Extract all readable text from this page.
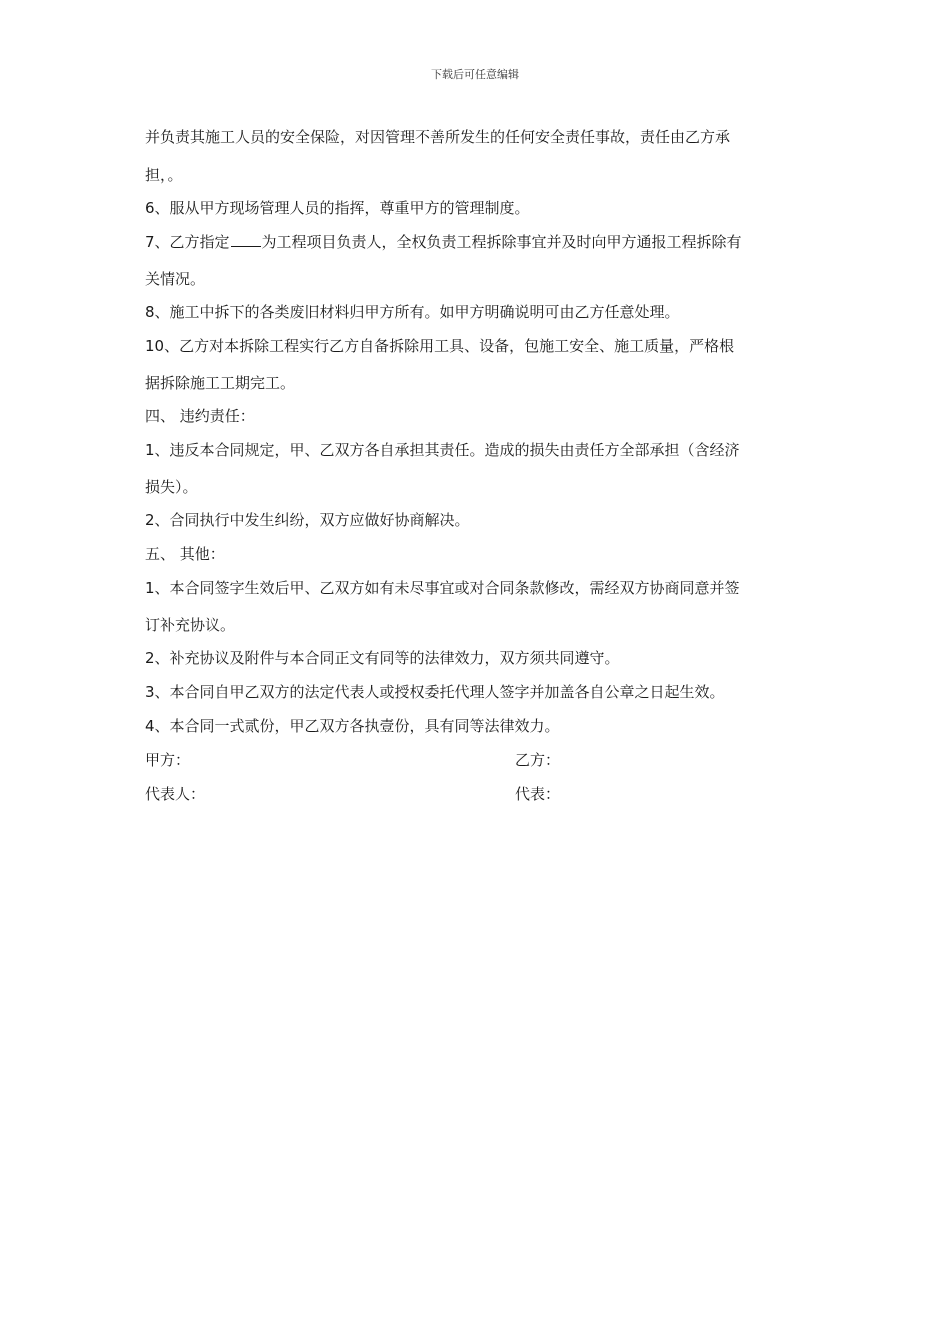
下载后可任意编辑
并负责其施工人员的安全保险，对因管理不善所发生的任何安全责任事故，责任由乙方承
担，。
6、服从甲方现场管理人员的指挥，尊重甲方的管理制度。
7、乙方指定 为工程项目负责人，全权负责工程拆除事宜并及时向甲方通报工程拆除有
关情况。
8、施工中拆下的各类废旧材料归甲方所有。如甲方明确说明可由乙方任意处理。
10、乙方对本拆除工程实行乙方自备拆除用工具、设备，包施工安全、施工质量，严格根
据拆除施工工期完工。
四、 违约责任：
1、违反本合同规定，甲、乙双方各自承担其责任。造成的损失由责任方全部承担（含经济
损失）。
2、合同执行中发生纠纷，双方应做好协商解决。
五、 其他：
1、本合同签字生效后甲、乙双方如有未尽事宜或对合同条款修改，需经双方协商同意并签
订补充协议。
2、补充协议及附件与本合同正文有同等的法律效力，双方须共同遵守。
3、本合同自甲乙双方的法定代表人或授权委托代理人签字并加盖各自公章之日起生效。
4、本合同一式贰份，甲乙双方各执壹份，具有同等法律效力。
甲方：	乙方：
代表人：	代表：
